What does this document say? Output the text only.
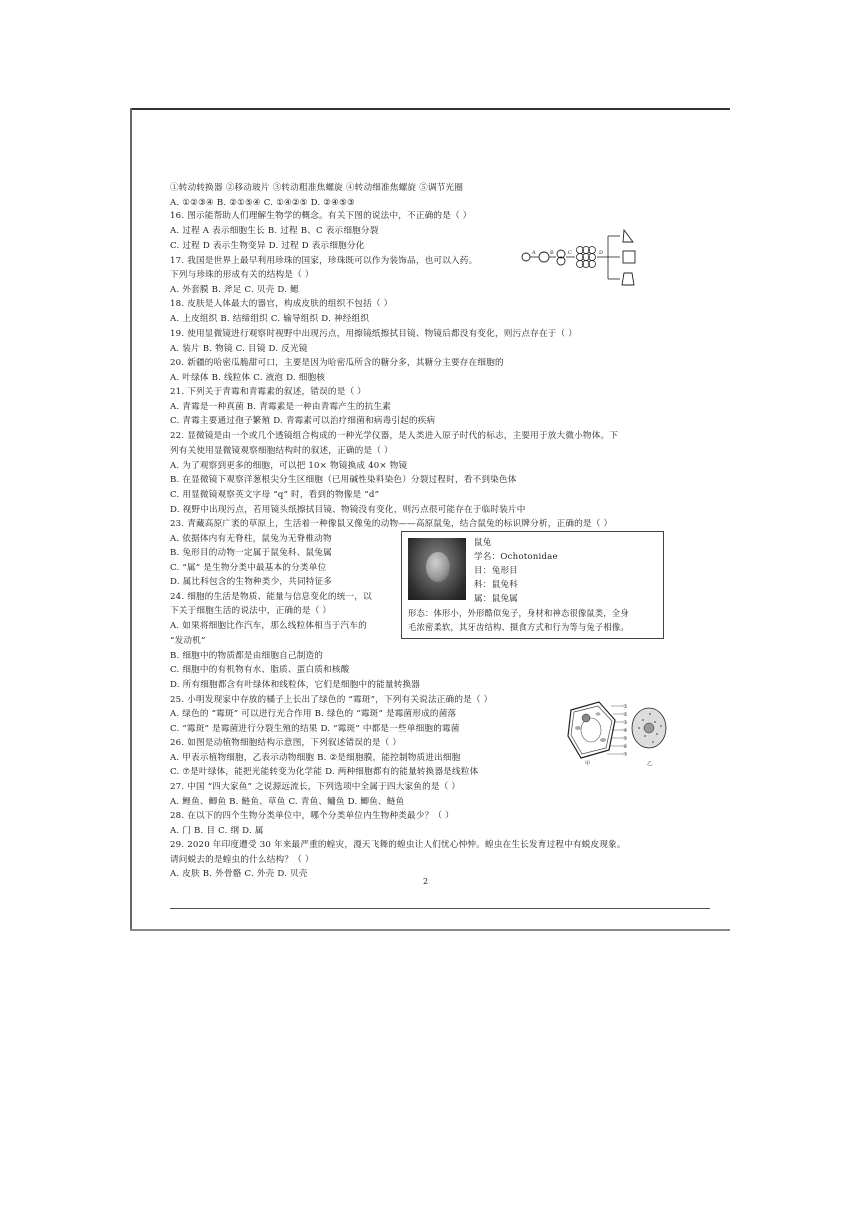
①转动转换器 ②移动玻片 ③转动粗准焦螺旋 ④转动细准焦螺旋 ⑤调节光圈
A. ①②③④ B. ②①⑤④ C. ①④②⑤ D. ②④⑤③
16. 图示能帮助人们理解生物学的概念。有关下图的说法中，不正确的是（ ）
A. 过程 A 表示细胞生长 B. 过程 B、C 表示细胞分裂
C. 过程 D 表示生物变异 D. 过程 D 表示细胞分化
17. 我国是世界上最早利用珍珠的国家，珍珠既可以作为装饰品，也可以入药。
下列与珍珠的形成有关的结构是（ ）
A. 外套膜 B. 斧足 C. 贝壳 D. 鳃
18. 皮肤是人体最大的器官，构成皮肤的组织不包括（ ）
A. 上皮组织 B. 结缔组织 C. 输导组织 D. 神经组织
19. 使用显微镜进行观察时视野中出现污点，用擦镜纸擦拭目镜、物镜后都没有变化，则污点存在于（ ）
A. 装片 B. 物镜 C. 目镜 D. 反光镜
20. 新疆的哈密瓜脆甜可口，主要是因为哈密瓜所含的糖分多，其糖分主要存在细胞的
A. 叶绿体 B. 线粒体 C. 液泡 D. 细胞核
21. 下列关于青霉和青霉素的叙述，错误的是（ ）
A. 青霉是一种真菌 B. 青霉素是一种由青霉产生的抗生素
C. 青霉主要通过孢子繁殖 D. 青霉素可以治疗细菌和病毒引起的疾病
22. 显微镜是由一个或几个透镜组合构成的一种光学仪器，是人类进入原子时代的标志，主要用于放大微小物体。下
列有关使用显微镜观察细胞结构时的叙述，正确的是（ ）
A. 为了观察到更多的细胞，可以把 10× 物镜换成 40× 物镜
B. 在显微镜下观察洋葱根尖分生区细胞（已用碱性染料染色）分裂过程时，看不到染色体
C. 用显微镜观察英文字母 “q” 时，看到的物像是 “d”
D. 视野中出现污点，若用镜头纸擦拭目镜、物镜没有变化，则污点很可能存在于临时装片中
23. 青藏高原广袤的草原上，生活着一种像鼠又像兔的动物——高原鼠兔，结合鼠兔的标识牌分析，正确的是（ ）
A. 依据体内有无脊柱，鼠兔为无脊椎动物
B. 兔形目的动物一定属于鼠兔科、鼠兔属
C. “属” 是生物分类中最基本的分类单位
D. 属比科包含的生物种类少，共同特征多
24. 细胞的生活是物质、能量与信息变化的统一，以
下关于细胞生活的说法中，正确的是（ ）
A. 如果将细胞比作汽车，那么线粒体相当于汽车的
“发动机”
B. 细胞中的物质都是由细胞自己制造的
C. 细胞中的有机物有水、脂质、蛋白质和核酸
D. 所有细胞都含有叶绿体和线粒体，它们是细胞中的能量转换器
25. 小明发现家中存放的橘子上长出了绿色的 “霉斑”，下列有关说法正确的是（ ）
A. 绿色的 “霉斑” 可以进行光合作用 B. 绿色的 “霉斑” 是霉菌形成的菌落
C. “霉斑” 是霉菌进行分裂生殖的结果 D. “霉斑” 中都是一些单细胞的霉菌
26. 如图是动植物细胞结构示意图，下列叙述错误的是（ ）
A. 甲表示植物细胞，乙表示动物细胞 B. ②是细胞膜，能控制物质进出细胞
C. ⑦是叶绿体，能把光能转变为化学能 D. 两种细胞都有的能量转换器是线粒体
27. 中国 “四大家鱼” 之说源远流长，下列选项中全属于四大家鱼的是（ ）
A. 鲤鱼、鲫鱼 B. 鲢鱼、草鱼 C. 青鱼、鳙鱼 D. 鲫鱼、鲢鱼
28. 在以下的四个生物分类单位中，哪个分类单位内生物种类最少？（ ）
A. 门 B. 目 C. 纲 D. 属
29. 2020 年印度遭受 30 年来最严重的蝗灾，漫天飞舞的蝗虫让人们忧心忡忡。蝗虫在生长发育过程中有蜕皮现象。
请问蜕去的是蝗虫的什么结构？（ ）
A. 皮肤 B. 外骨骼 C. 外壳 D. 贝壳
A	B	C	D
鼠兔
学名：Ochotonidae
目：兔形目
科：鼠兔科
属：鼠兔属
形态：体形小，外形酷似兔子，身材和神态很像鼠类，全身
毛浓密柔软，其牙齿结构、摄食方式和行为等与兔子相像。
①
②
③
④
⑤
⑥
⑦
甲	乙
2
